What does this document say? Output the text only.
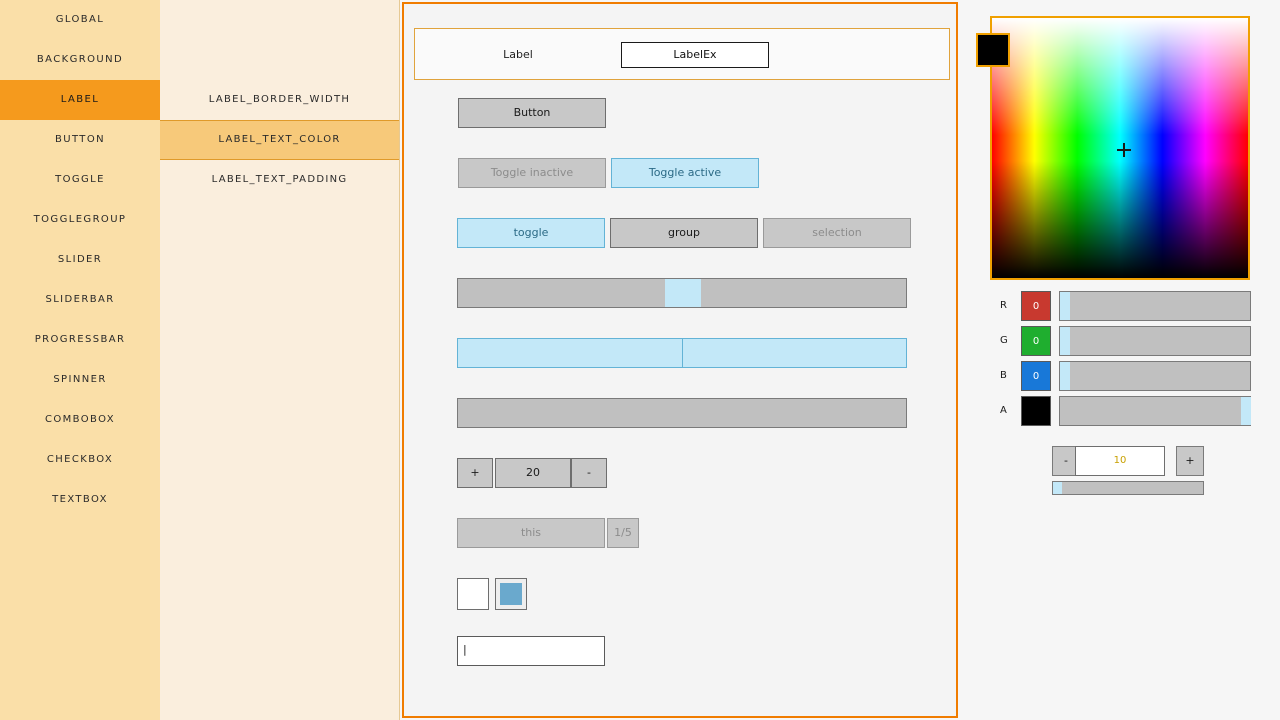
GLOBAL
BACKGROUND
LABEL
BUTTON
TOGGLE
TOGGLEGROUP
SLIDER
SLIDERBAR
PROGRESSBAR
SPINNER
COMBOBOX
CHECKBOX
TEXTBOX
LABEL_BORDER_WIDTH
LABEL_TEXT_COLOR
LABEL_TEXT_PADDING
Label	LabelEx
Button
Toggle inactive	Toggle active
toggle	group	selection
+	20	-
this	1/5
|
R	0
G	0
B	0
A
-	10	+
